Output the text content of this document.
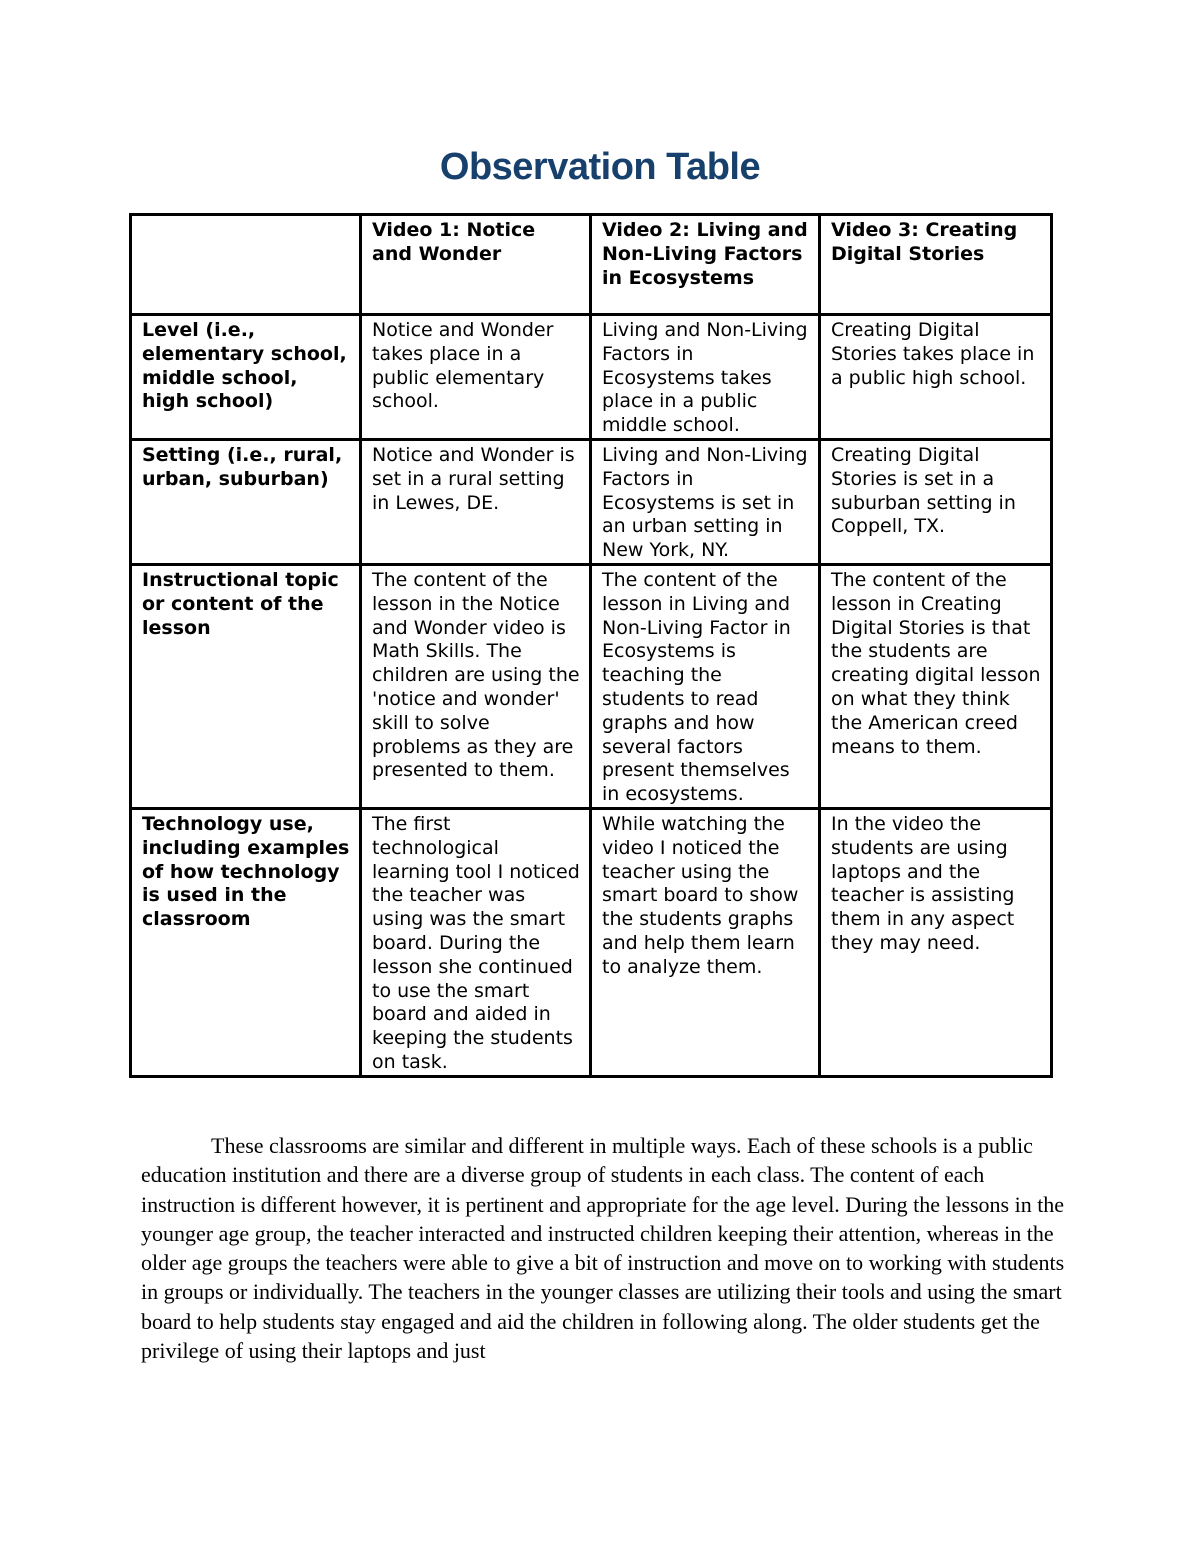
Observation Table
	Video 1: Notice and Wonder	Video 2: Living and Non-Living Factors in Ecosystems	Video 3: Creating Digital Stories
Level (i.e., elementary school, middle school, high school)	Notice and Wonder takes place in a public elementary school.	Living and Non-Living Factors in Ecosystems takes place in a public middle school.	Creating Digital Stories takes place in a public high school.
Setting (i.e., rural, urban, suburban)	Notice and Wonder is set in a rural setting in Lewes, DE.	Living and Non-Living Factors in Ecosystems is set in an urban setting in New York, NY.	Creating Digital Stories is set in a suburban setting in Coppell, TX.
Instructional topic or content of the lesson	The content of the lesson in the Notice and Wonder video is Math Skills. The children are using the 'notice and wonder' skill to solve problems as they are presented to them.	The content of the lesson in Living and Non-Living Factor in Ecosystems is teaching the students to read graphs and how several factors present themselves in ecosystems.	The content of the lesson in Creating Digital Stories is that the students are creating digital lesson on what they think the American creed means to them.
Technology use, including examples of how technology is used in the classroom	The first technological learning tool I noticed the teacher was using was the smart board. During the lesson she continued to use the smart board and aided in keeping the students on task.	While watching the video I noticed the teacher using the smart board to show the students graphs and help them learn to analyze them.	In the video the students are using laptops and the teacher is assisting them in any aspect they may need.

These classrooms are similar and different in multiple ways. Each of these schools is a public education institution and there are a diverse group of students in each class. The content of each instruction is different however, it is pertinent and appropriate for the age level. During the lessons in the younger age group, the teacher interacted and instructed children keeping their attention, whereas in the older age groups the teachers were able to give a bit of instruction and move on to working with students in groups or individually. The teachers in the younger classes are utilizing their tools and using the smart board to help students stay engaged and aid the children in following along. The older students get the privilege of using their laptops and just
